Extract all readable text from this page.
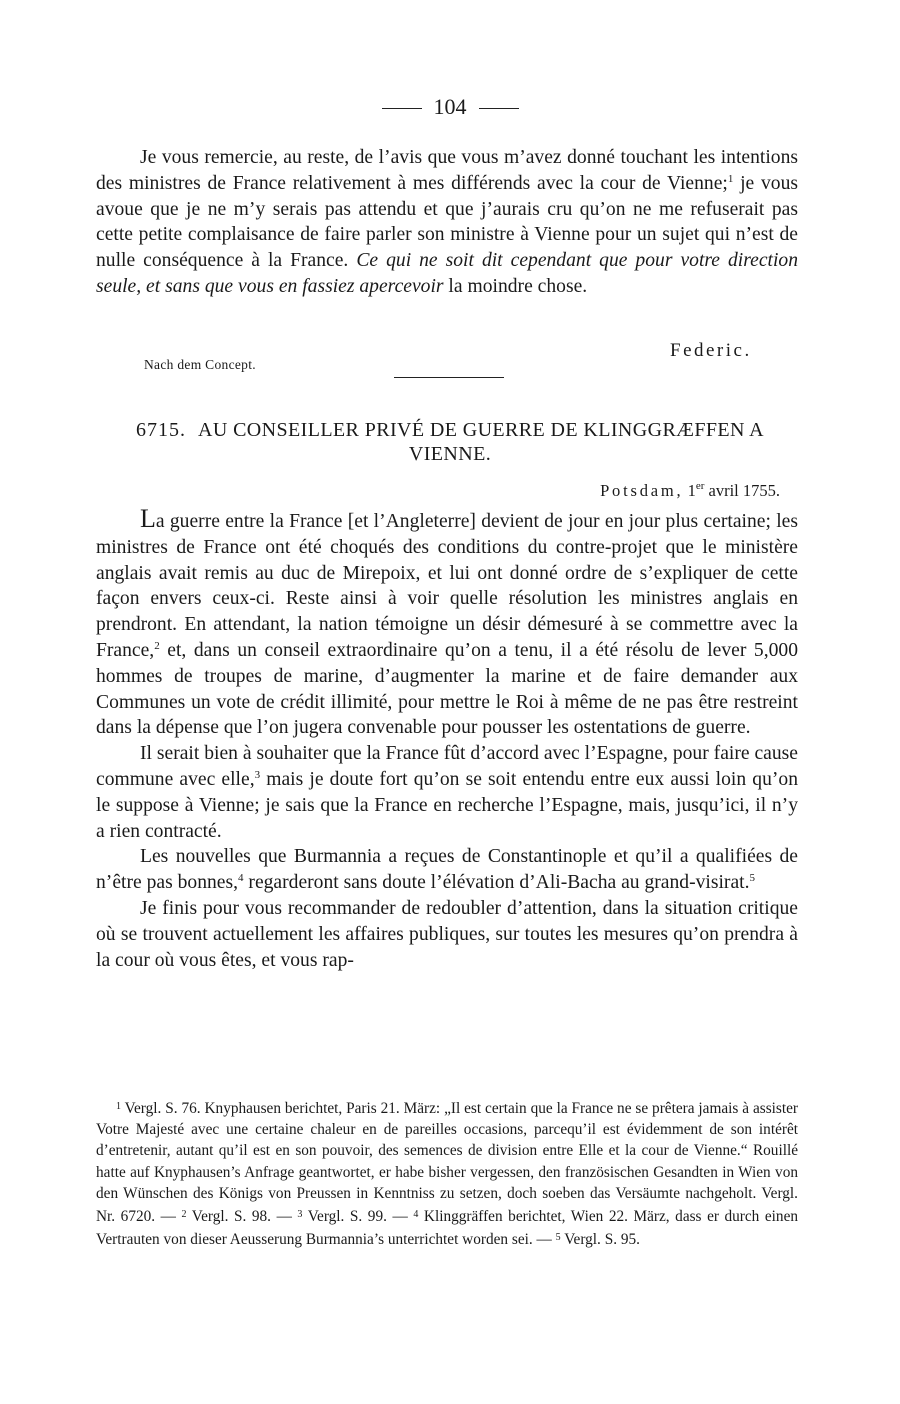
104

Je vous remercie, au reste, de l’avis que vous m’avez donné touchant les intentions des ministres de France relativement à mes différends avec la cour de Vienne;$^1$ je vous avoue que je ne m’y serais pas attendu et que j’aurais cru qu’on ne me refuserait pas cette petite complaisance de faire parler son ministre à Vienne pour un sujet qui n’est de nulle conséquence à la France. Ce qui ne soit dit cependant que pour votre direction seule, et sans que vous en fassiez apercevoir la moindre chose.

Federic.
Nach dem Concept.
6715. AU CONSEILLER PRIVÉ DE GUERRE DE KLINGGRÆFFEN A VIENNE.
Potsdam, 1er avril 1755.

La guerre entre la France [et l’Angleterre] devient de jour en jour plus certaine; les ministres de France ont été choqués des conditions du contre-projet que le ministère anglais avait remis au duc de Mirepoix, et lui ont donné ordre de s’expliquer de cette façon envers ceux-ci. Reste ainsi à voir quelle résolution les ministres anglais en prendront. En attendant, la nation témoigne un désir démesuré à se commettre avec la France,$^2$ et, dans un conseil extraordinaire qu’on a tenu, il a été résolu de lever 5,000 hommes de troupes de marine, d’augmenter la marine et de faire demander aux Communes un vote de crédit illimité, pour mettre le Roi à même de ne pas être restreint dans la dépense que l’on jugera convenable pour pousser les ostentations de guerre.

Il serait bien à souhaiter que la France fût d’accord avec l’Espagne, pour faire cause commune avec elle,$^3$ mais je doute fort qu’on se soit entendu entre eux aussi loin qu’on le suppose à Vienne; je sais que la France en recherche l’Espagne, mais, jusqu’ici, il n’y a rien contracté.

Les nouvelles que Burmannia a reçues de Constantinople et qu’il a qualifiées de n’être pas bonnes,$^4$ regarderont sans doute l’élévation d’Ali-Bacha au grand-visirat.$^5$

Je finis pour vous recommander de redoubler d’attention, dans la situation critique où se trouvent actuellement les affaires publiques, sur toutes les mesures qu’on prendra à la cour où vous êtes, et vous rap-

$^1$ Vergl. S. 76. Knyphausen berichtet, Paris 21. März: „Il est certain que la France ne se prêtera jamais à assister Votre Majesté avec une certaine chaleur en de pareilles occasions, parcequ’il est évidemment de son intérêt d’entretenir, autant qu’il est en son pouvoir, des semences de division entre Elle et la cour de Vienne.“ Rouillé hatte auf Knyphausen’s Anfrage geantwortet, er habe bisher vergessen, den französischen Gesandten in Wien von den Wünschen des Königs von Preussen in Kenntniss zu setzen, doch soeben das Versäumte nachgeholt. Vergl. Nr. 6720. — $^2$ Vergl. S. 98. — $^3$ Vergl. S. 99. — $^4$ Klinggräffen berichtet, Wien 22. März, dass er durch einen Vertrauten von dieser Aeusserung Burmannia’s unterrichtet worden sei. — $^5$ Vergl. S. 95.
